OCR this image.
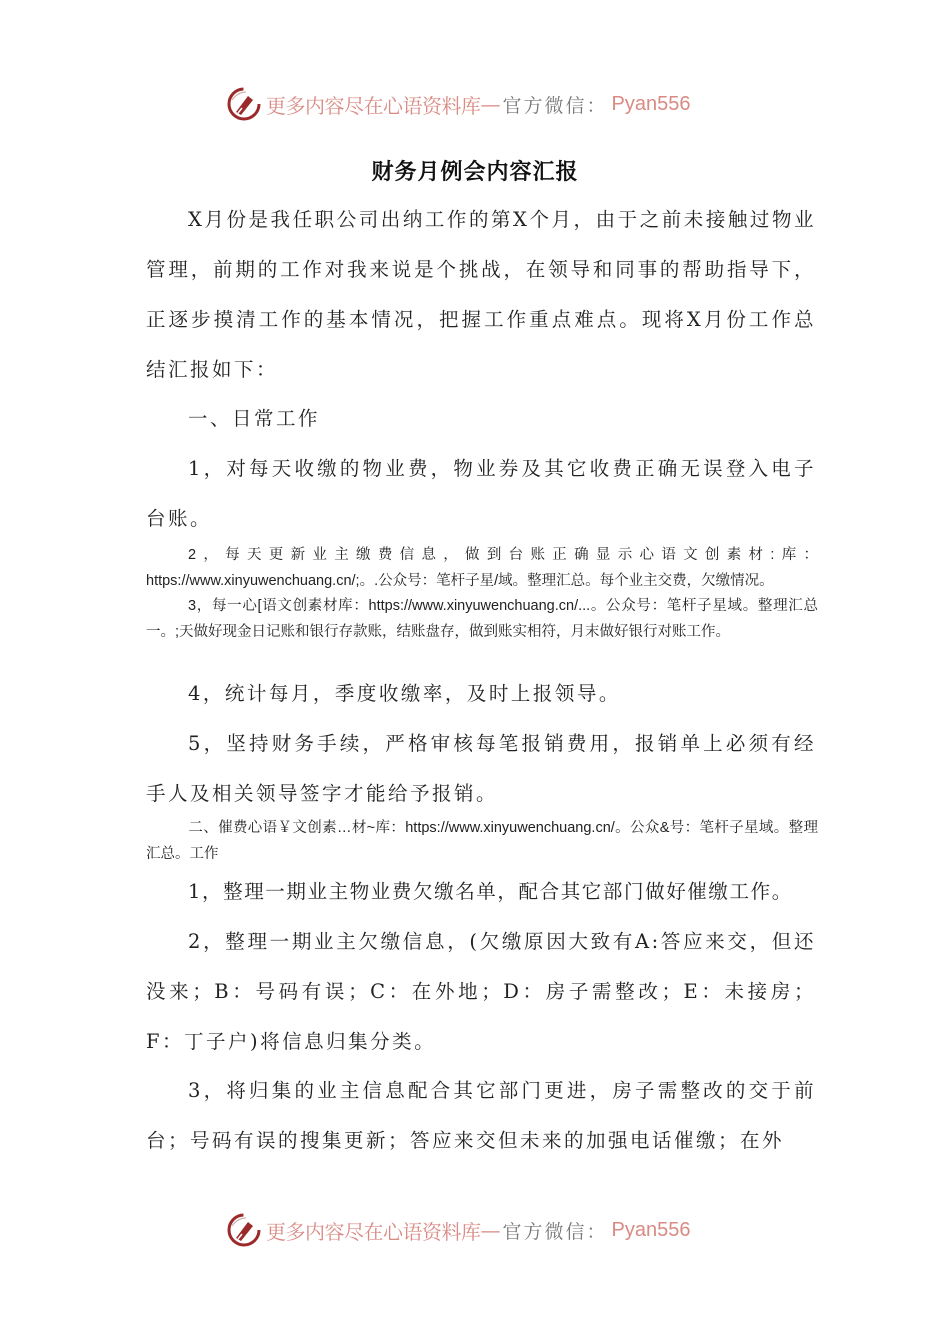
更多内容尽在心语资料库 — 官方微信： Pyan556
财务月例会内容汇报
X月份是我任职公司出纳工作的第X个月，由于之前未接触过物业管理，前期的工作对我来说是个挑战，在领导和同事的帮助指导下，正逐步摸清工作的基本情况，把握工作重点难点。现将X月份工作总结汇报如下：
一、日常工作
1，对每天收缴的物业费，物业券及其它收费正确无误登入电子台账。
2，每天更新业主缴费信息，做到台账正确显示心语文创素材:库：https://www.xinyuwenchuang.cn/;。.公众号：笔杆子星/域。整理汇总。每个业主交费，欠缴情况。
3，每一心[语文创素材库：https://www.xinyuwenchuang.cn/...。公众号：笔杆子星域。整理汇总一。;天做好现金日记账和银行存款账，结账盘存，做到账实相符，月末做好银行对账工作。
4，统计每月，季度收缴率，及时上报领导。
5，坚持财务手续，严格审核每笔报销费用，报销单上必须有经手人及相关领导签字才能给予报销。
二、催费心语￥文创素…材~库：https://www.xinyuwenchuang.cn/。公众&号：笔杆子星域。整理汇总。工作
1，整理一期业主物业费欠缴名单，配合其它部门做好催缴工作。
2，整理一期业主欠缴信息，(欠缴原因大致有A:答应来交，但还没来；B：号码有误；C：在外地；D：房子需整改；E：未接房；F：丁子户)将信息归集分类。
3，将归集的业主信息配合其它部门更进，房子需整改的交于前台；号码有误的搜集更新；答应来交但未来的加强电话催缴；在外
更多内容尽在心语资料库 — 官方微信： Pyan556
